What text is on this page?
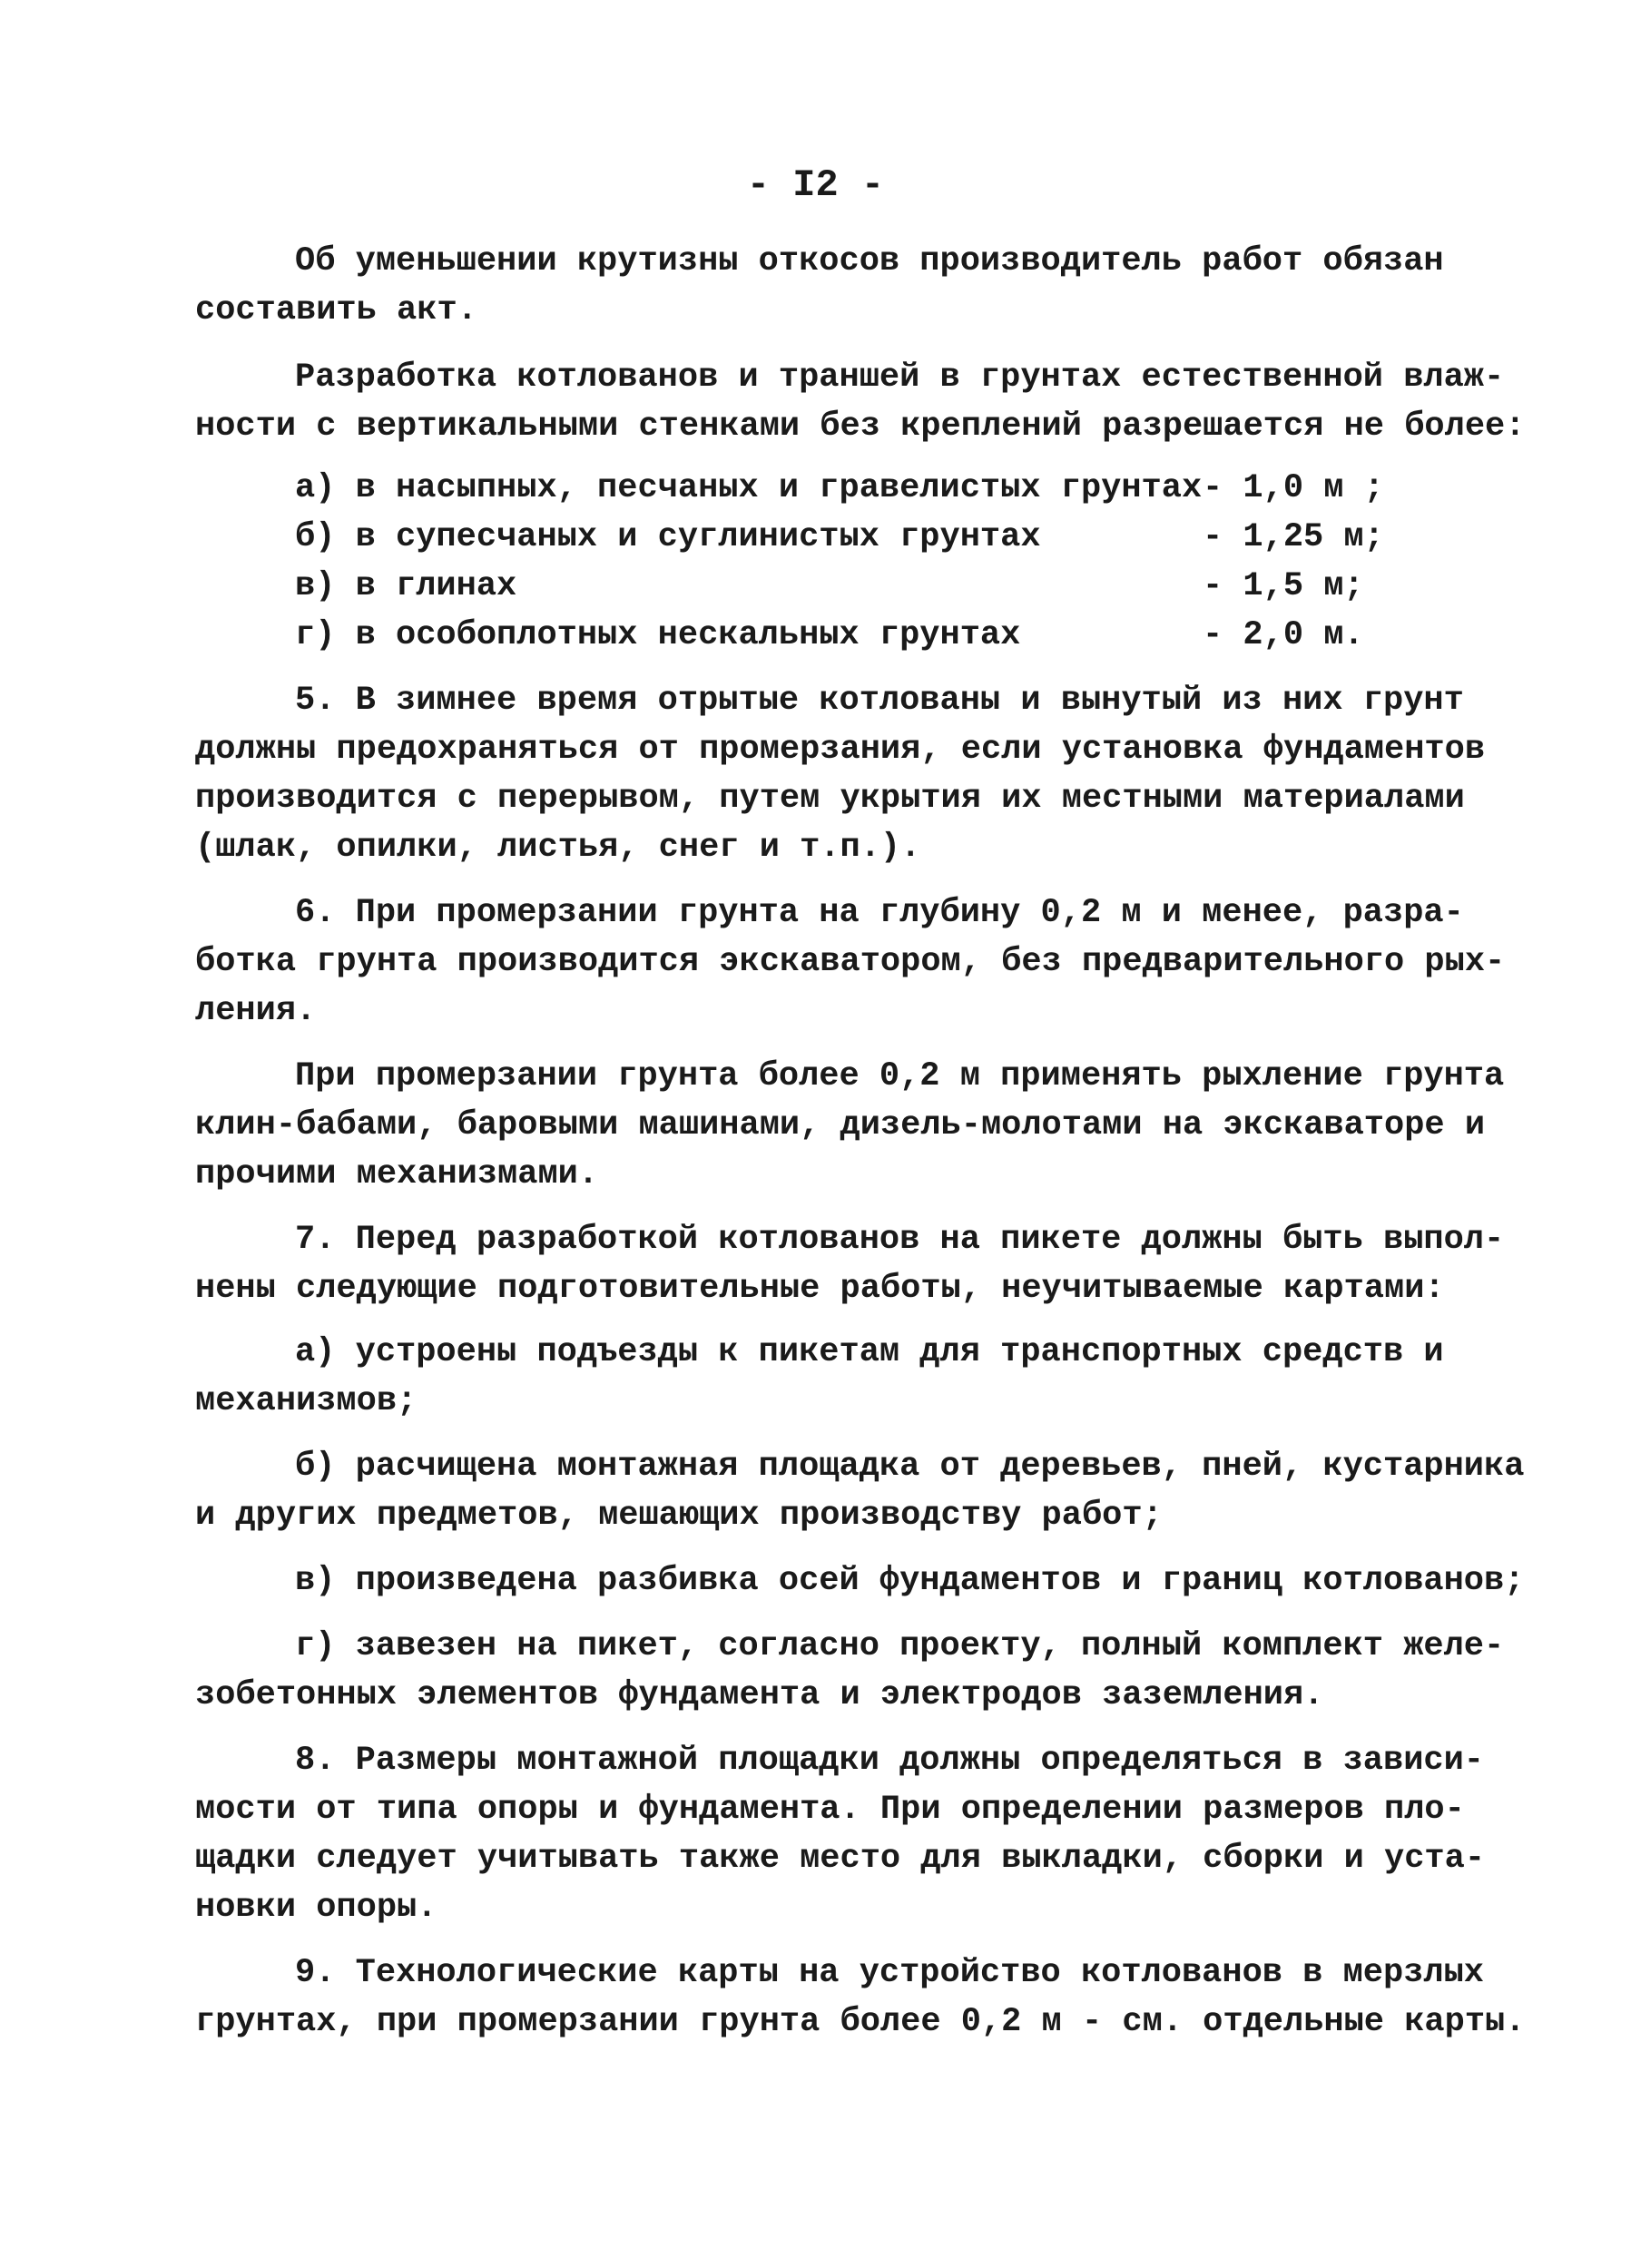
- I2 -
Об уменьшении крутизны откосов производитель работ обязан
составить акт.
Разработка котлованов и траншей в грунтах естественной влаж-
ности с вертикальными стенками без креплений разрешается не более:
а) в насыпных, песчаных и гравелистых грунтах - 1,0 м ;
б) в супесчаных и суглинистых грунтах	- 1,25 м;
в) в глинах	- 1,5 м;
г) в особоплотных нескальных грунтах	- 2,0 м.
5. В зимнее время отрытые котлованы и вынутый из них грунт
должны предохраняться от промерзания, если установка фундаментов
производится с перерывом, путем укрытия их местными материалами
(шлак, опилки, листья, снег и т.п.).
6. При промерзании грунта на глубину 0,2 м и менее, разра-
ботка грунта производится экскаватором, без предварительного рых-
ления.
При промерзании грунта более 0,2 м применять рыхление грунта
клин-бабами, баровыми машинами, дизель-молотами на экскаваторе и
прочими механизмами.
7. Перед разработкой котлованов на пикете должны быть выпол-
нены следующие подготовительные работы, неучитываемые картами:
а) устроены подъезды к пикетам для транспортных средств и
механизмов;
б) расчищена монтажная площадка от деревьев, пней, кустарника
и других предметов, мешающих производству работ;
в) произведена разбивка осей фундаментов и границ котлованов;
г) завезен на пикет, согласно проекту, полный комплект желе-
зобетонных элементов фундамента и электродов заземления.
8. Размеры монтажной площадки должны определяться в зависи-
мости от типа опоры и фундамента. При определении размеров пло-
щадки следует учитывать также место для выкладки, сборки и уста-
новки опоры.
9. Технологические карты на устройство котлованов в мерзлых
грунтах, при промерзании грунта более 0,2 м - см. отдельные карты.
